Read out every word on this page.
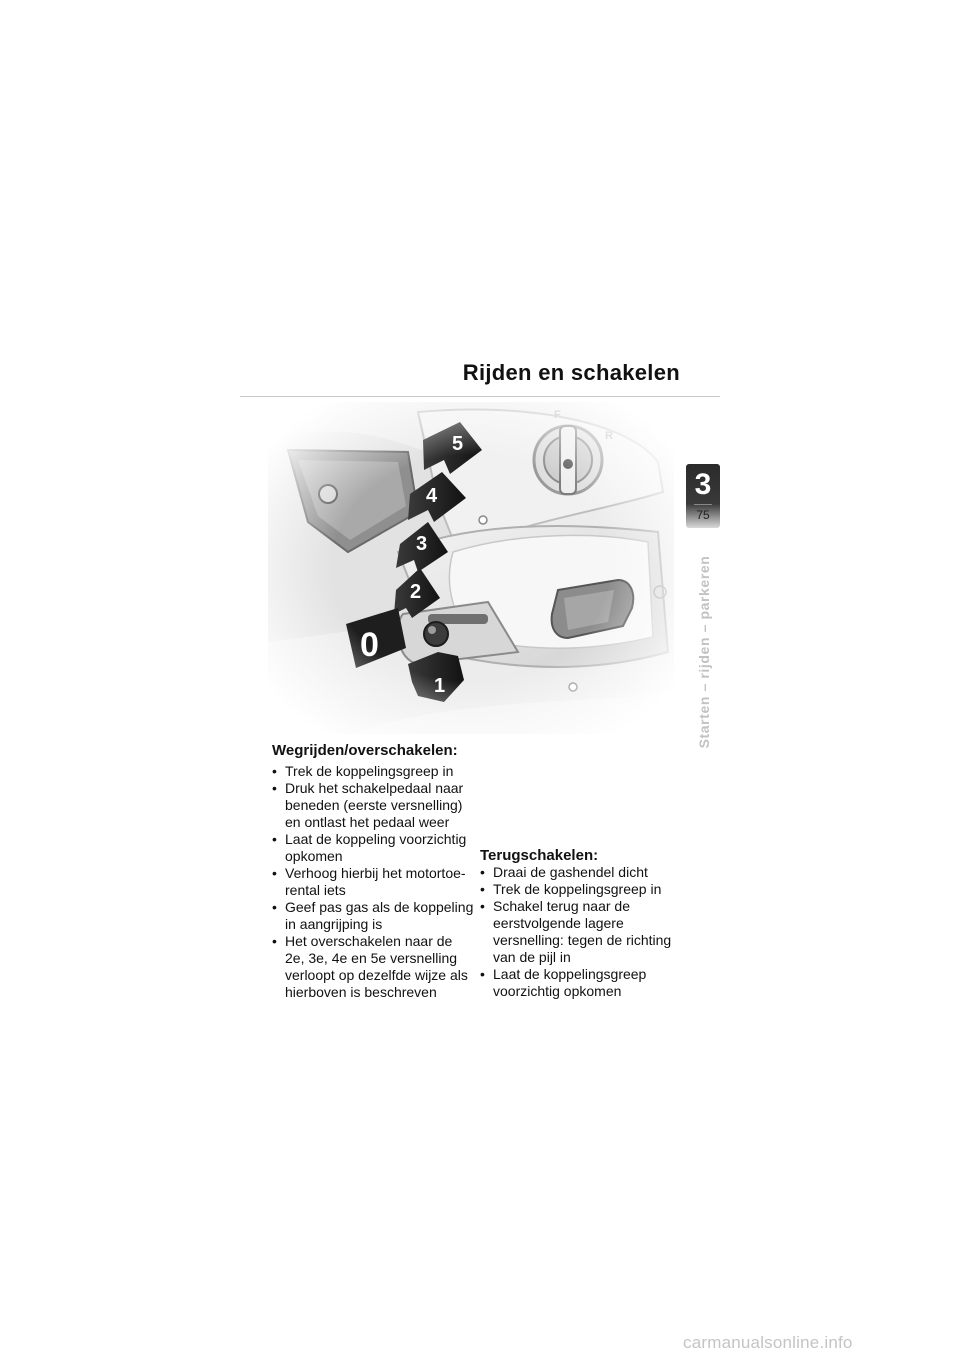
Rijden en schakelen
3
75
Starten – rijden – parkeren
Wegrijden/overschakelen:
• Trek de koppelingsgreep in
• Druk het schakelpedaal naar
beneden (eerste versnelling)
en ontlast het pedaal weer
• Laat de koppeling voorzichtig
opkomen
• Verhoog hierbij het motortoe-
rental iets
• Geef pas gas als de koppeling
in aangrijping is
• Het overschakelen naar de
2e, 3e, 4e en 5e versnelling
verloopt op dezelfde wijze als
hierboven is beschreven
Terugschakelen:
• Draai de gashendel dicht
• Trek de koppelingsgreep in
• Schakel terug naar de
eerstvolgende lagere
versnelling: tegen de richting
van de pijl in
• Laat de koppelingsgreep
voorzichtig opkomen
carmanualsonline.info
